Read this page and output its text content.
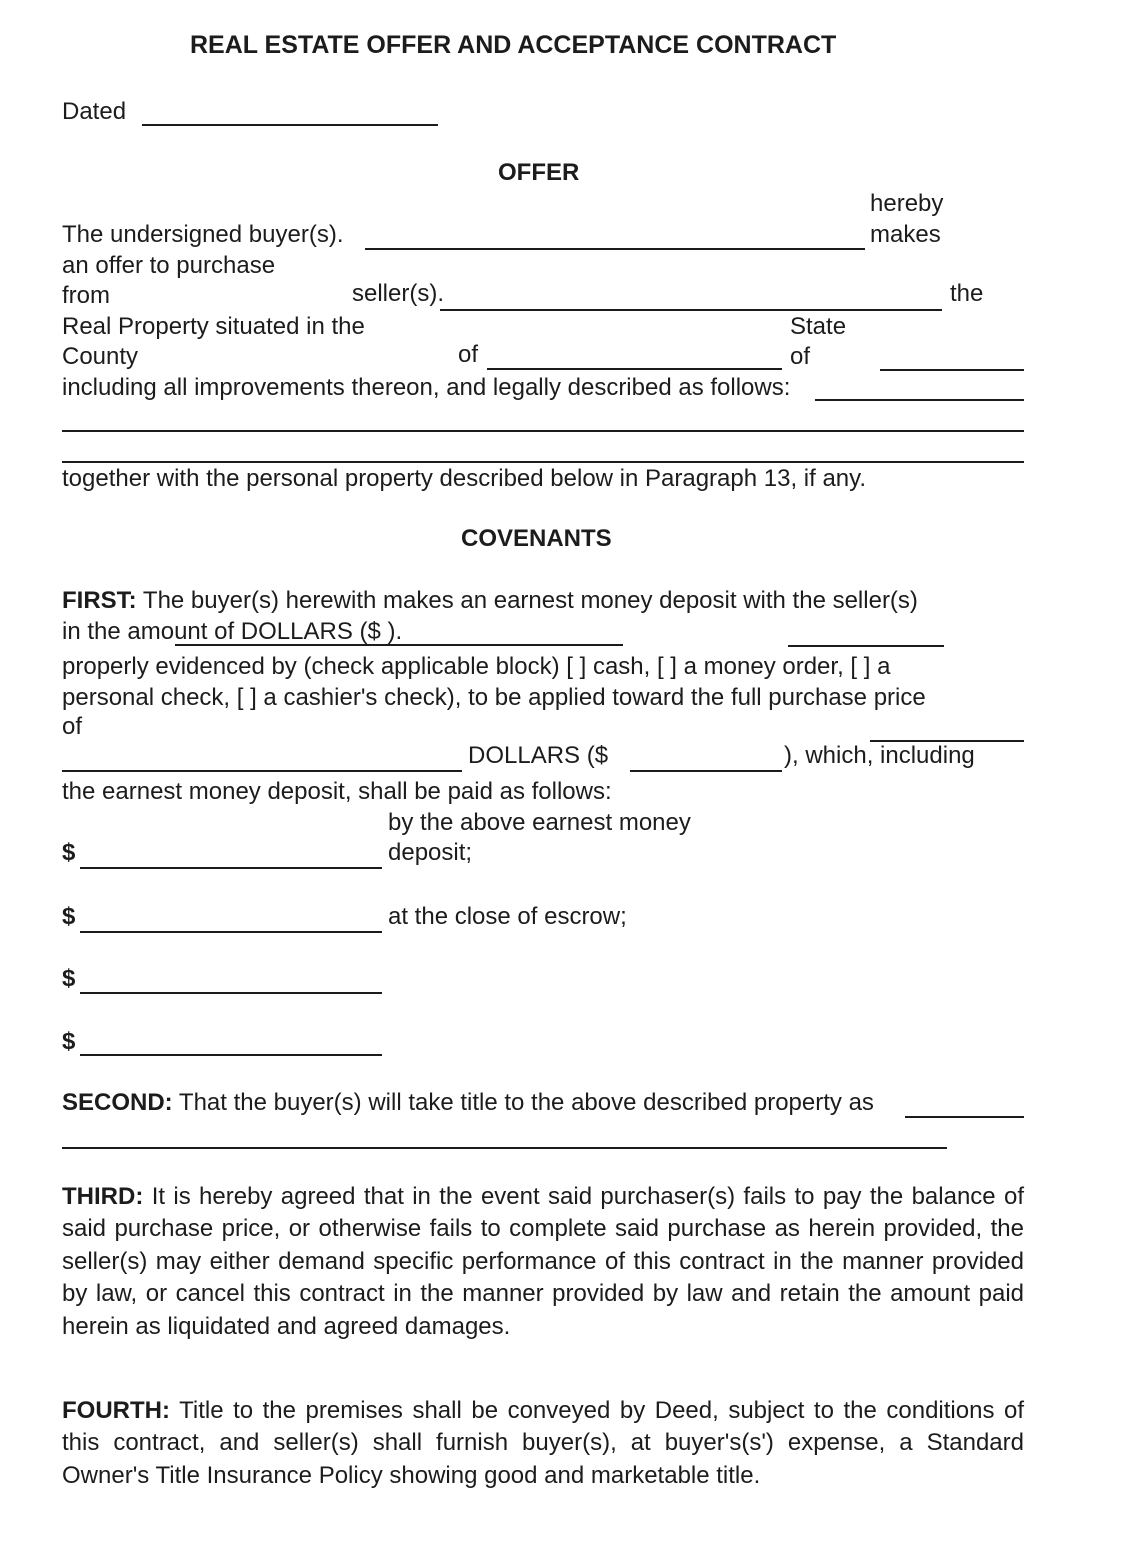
REAL ESTATE OFFER AND ACCEPTANCE CONTRACT
Dated
OFFER
hereby
makes
The undersigned buyer(s).
an offer to purchase
from	seller(s).	the
Real Property situated in the	State
County	of	of
including all improvements thereon, and legally described as follows:
together with the personal property described below in Paragraph 13, if any.
COVENANTS
FIRST: The buyer(s) herewith makes an earnest money deposit with the seller(s)
in the amount of DOLLARS ($ ).
properly evidenced by (check applicable block) [ ] cash, [ ] a money order, [ ] a
personal check, [ ] a cashier's check), to be applied toward the full purchase price
of
DOLLARS ($	), which, including
the earnest money deposit, shall be paid as follows:
by the above earnest money
$	deposit;
$	at the close of escrow;
$
$
SECOND: That the buyer(s) will take title to the above described property as
THIRD: It is hereby agreed that in the event said purchaser(s) fails to pay the balance of said purchase price, or otherwise fails to complete said purchase as herein provided, the seller(s) may either demand specific performance of this contract in the manner provided by law, or cancel this contract in the manner provided by law and retain the amount paid herein as liquidated and agreed damages.
FOURTH: Title to the premises shall be conveyed by Deed, subject to the conditions of this contract, and seller(s) shall furnish buyer(s), at buyer's(s') expense, a Standard Owner's Title Insurance Policy showing good and marketable title.
